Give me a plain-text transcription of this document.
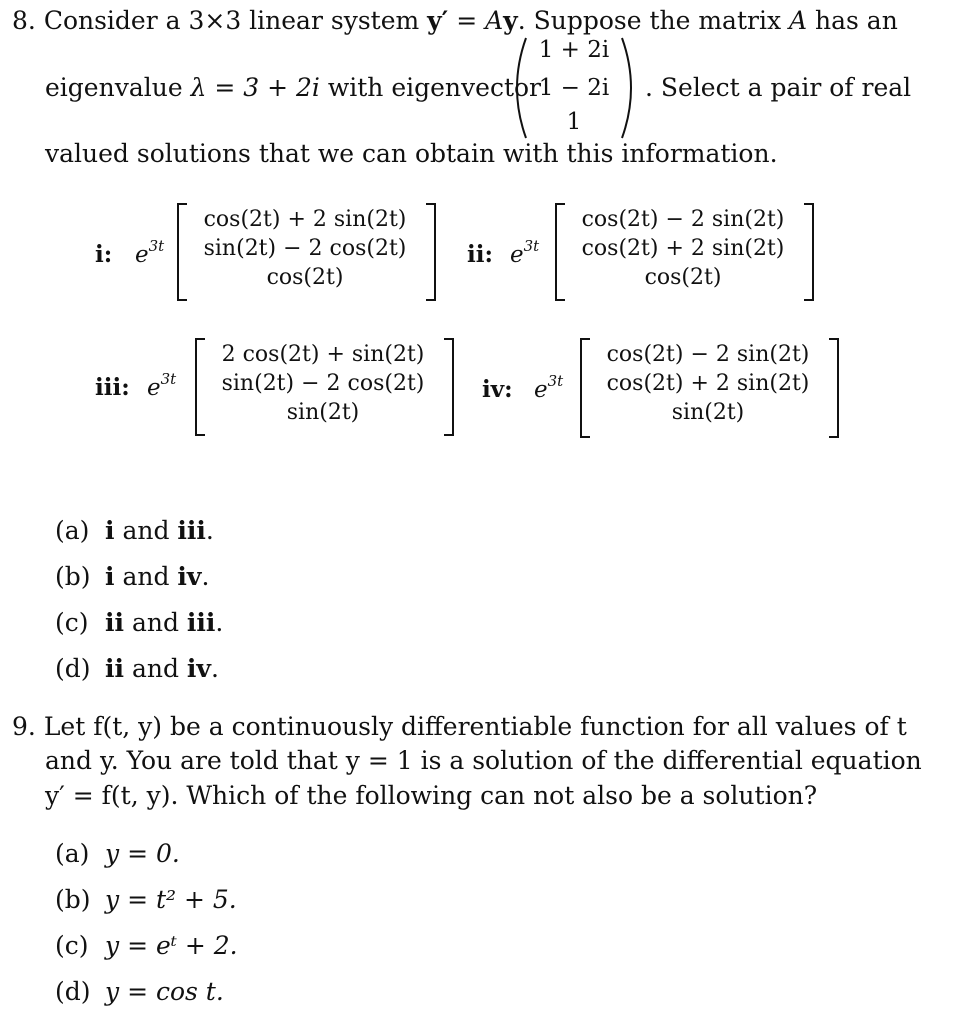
8. Consider a 3×3 linear system y′ = Ay. Suppose the matrix A has an
eigenvalue λ = 3 + 2i with eigenvector
1 + 2i
1 − 2i
1
. Select a pair of real
valued solutions that we can obtain with this information.
i: $e^{3t}$
cos(2t) + 2 sin(2t)
sin(2t) − 2 cos(2t)
cos(2t)
ii: $e^{3t}$
cos(2t) − 2 sin(2t)
cos(2t) + 2 sin(2t)
cos(2t)
iii: $e^{3t}$
2 cos(2t) + sin(2t)
sin(2t) − 2 cos(2t)
sin(2t)
iv: $e^{3t}$
cos(2t) − 2 sin(2t)
cos(2t) + 2 sin(2t)
sin(2t)
(a) i and iii.
(b) i and iv.
(c) ii and iii.
(d) ii and iv.
9. Let f(t, y) be a continuously differentiable function for all values of t
and y. You are told that y = 1 is a solution of the differential equation
y′ = f(t, y). Which of the following can not also be a solution?
(a) y = 0.
(b) y = t² + 5.
(c) y = eᵗ + 2.
(d) y = cos t.
